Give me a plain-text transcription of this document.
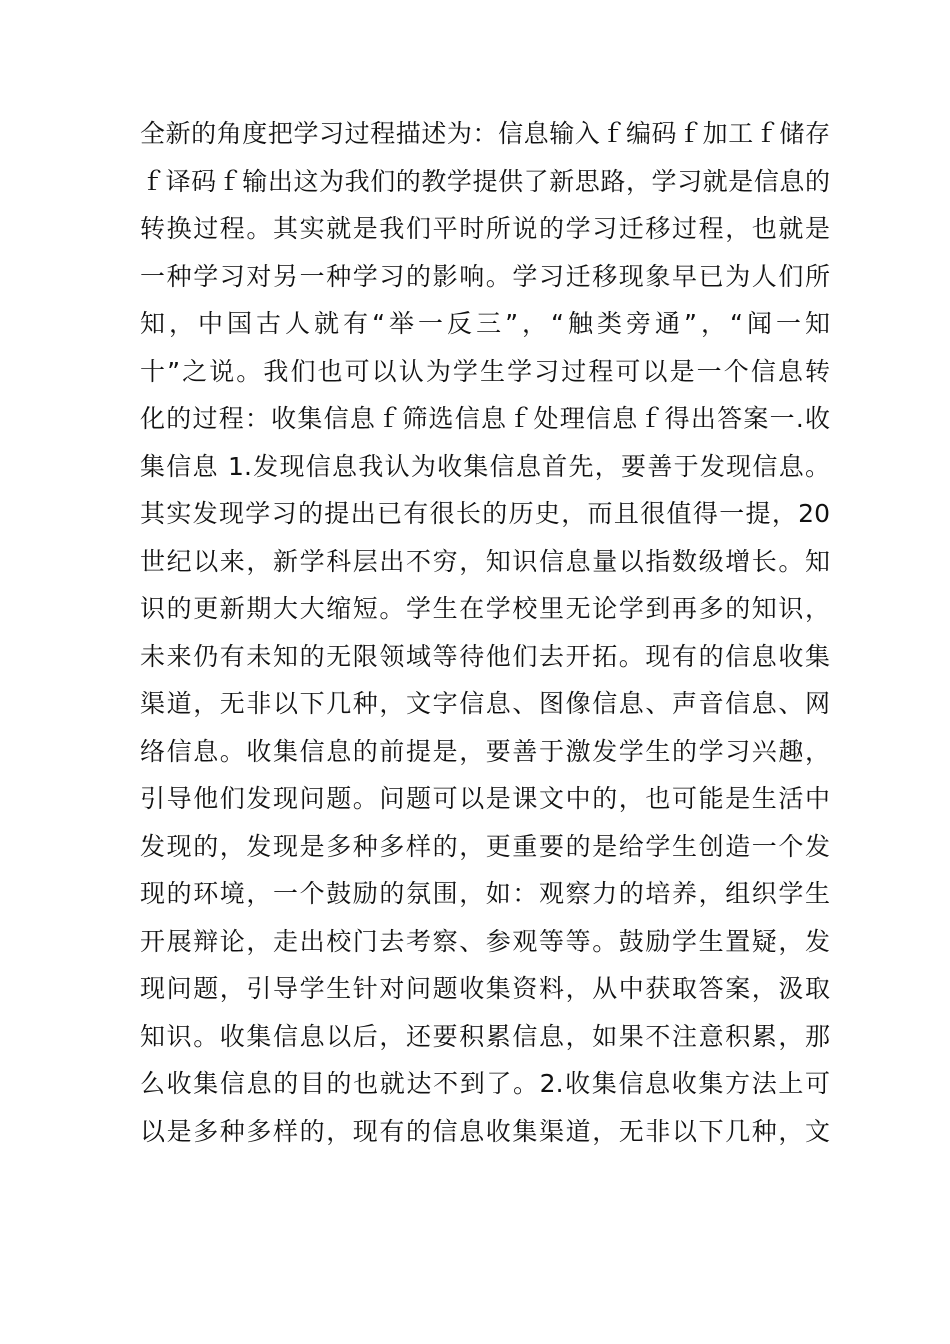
全新的角度把学习过程描述为：信息输入ｆ编码ｆ加工ｆ储存
ｆ译码ｆ输出这为我们的教学提供了新思路，学习就是信息的
转换过程。其实就是我们平时所说的学习迁移过程，也就是
一种学习对另一种学习的影响。学习迁移现象早已为人们所
知，中国古人就有“举一反三”，“触类旁通”，“闻一知
十”之说。我们也可以认为学生学习过程可以是一个信息转
化的过程：收集信息ｆ筛选信息ｆ处理信息ｆ得出答案一.收
集信息 1.发现信息我认为收集信息首先，要善于发现信息。
其实发现学习的提出已有很长的历史，而且很值得一提，20
世纪以来，新学科层出不穷，知识信息量以指数级增长。知
识的更新期大大缩短。学生在学校里无论学到再多的知识，
未来仍有未知的无限领域等待他们去开拓。现有的信息收集
渠道，无非以下几种，文字信息、图像信息、声音信息、网
络信息。收集信息的前提是，要善于激发学生的学习兴趣，
引导他们发现问题。问题可以是课文中的，也可能是生活中
发现的，发现是多种多样的，更重要的是给学生创造一个发
现的环境，一个鼓励的氛围，如：观察力的培养，组织学生
开展辩论，走出校门去考察、参观等等。鼓励学生置疑，发
现问题，引导学生针对问题收集资料，从中获取答案，汲取
知识。收集信息以后，还要积累信息，如果不注意积累，那
么收集信息的目的也就达不到了。2.收集信息收集方法上可
以是多种多样的，现有的信息收集渠道，无非以下几种，文
